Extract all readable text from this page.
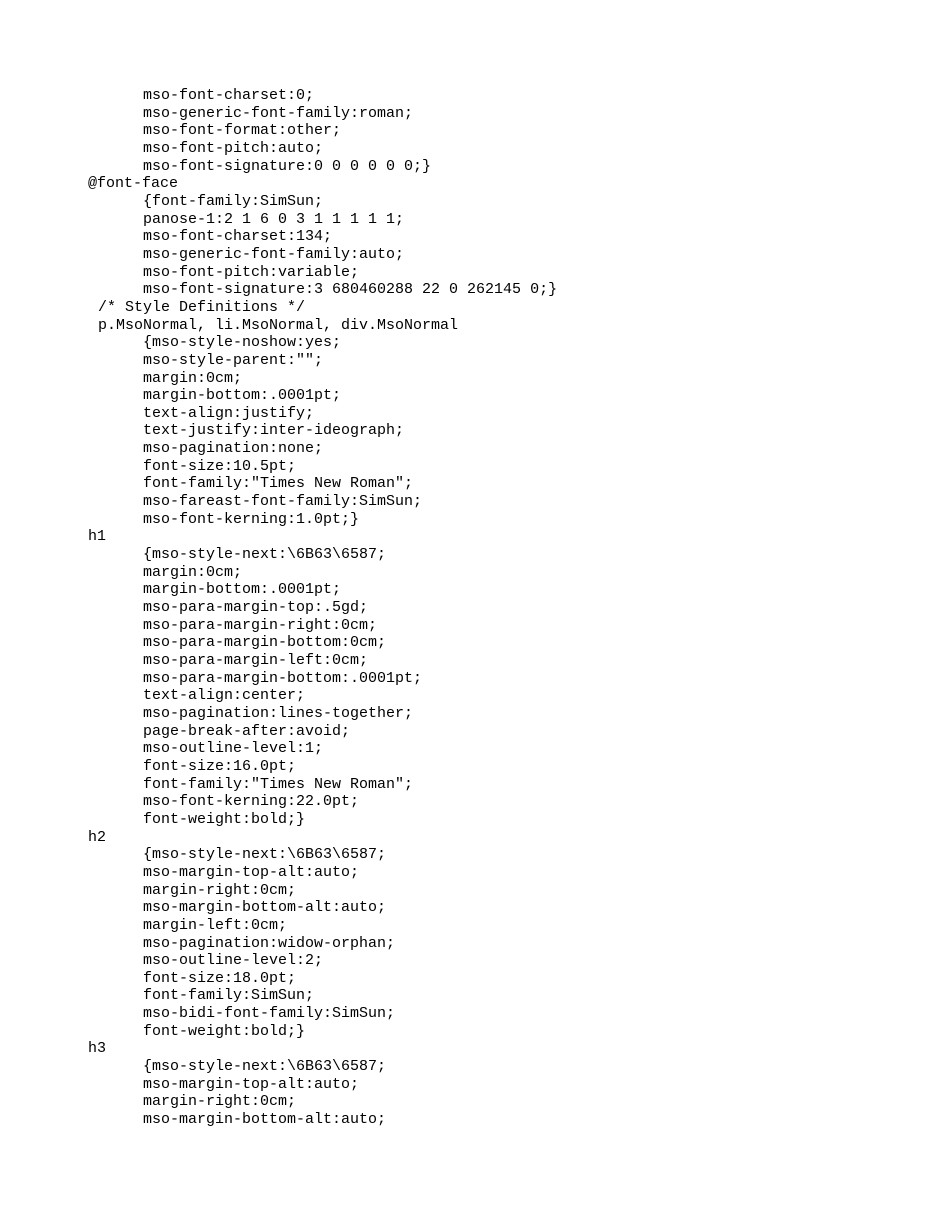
mso-font-charset:0;
mso-generic-font-family:roman;
mso-font-format:other;
mso-font-pitch:auto;
mso-font-signature:0 0 0 0 0 0;}
@font-face
{font-family:SimSun;
panose-1:2 1 6 0 3 1 1 1 1 1;
mso-font-charset:134;
mso-generic-font-family:auto;
mso-font-pitch:variable;
mso-font-signature:3 680460288 22 0 262145 0;}
/* Style Definitions */
p.MsoNormal, li.MsoNormal, div.MsoNormal
{mso-style-noshow:yes;
mso-style-parent:"";
margin:0cm;
margin-bottom:.0001pt;
text-align:justify;
text-justify:inter-ideograph;
mso-pagination:none;
font-size:10.5pt;
font-family:"Times New Roman";
mso-fareast-font-family:SimSun;
mso-font-kerning:1.0pt;}
h1
{mso-style-next:\6B63\6587;
margin:0cm;
margin-bottom:.0001pt;
mso-para-margin-top:.5gd;
mso-para-margin-right:0cm;
mso-para-margin-bottom:0cm;
mso-para-margin-left:0cm;
mso-para-margin-bottom:.0001pt;
text-align:center;
mso-pagination:lines-together;
page-break-after:avoid;
mso-outline-level:1;
font-size:16.0pt;
font-family:"Times New Roman";
mso-font-kerning:22.0pt;
font-weight:bold;}
h2
{mso-style-next:\6B63\6587;
mso-margin-top-alt:auto;
margin-right:0cm;
mso-margin-bottom-alt:auto;
margin-left:0cm;
mso-pagination:widow-orphan;
mso-outline-level:2;
font-size:18.0pt;
font-family:SimSun;
mso-bidi-font-family:SimSun;
font-weight:bold;}
h3
{mso-style-next:\6B63\6587;
mso-margin-top-alt:auto;
margin-right:0cm;
mso-margin-bottom-alt:auto;
